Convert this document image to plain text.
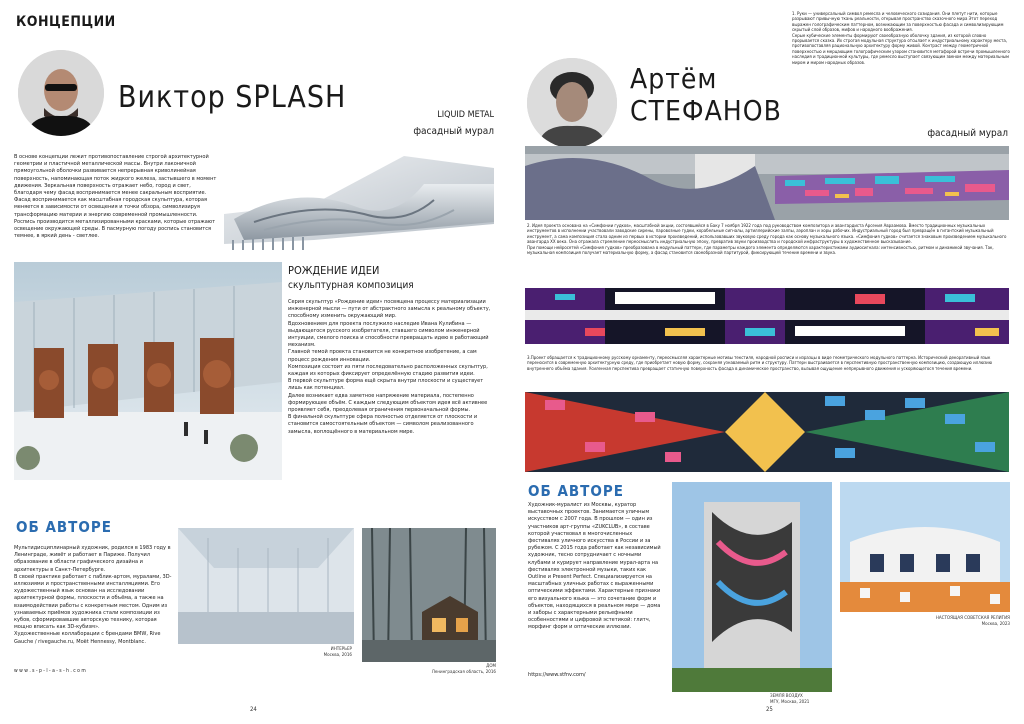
КОНЦЕПЦИИ
Виктор SPLASH	LIQUID METAL
фасадный мурал
В основе концепции лежит противопоставление строгой архитектурной геометрии и пластичной металлической массы. Внутри лаконичной прямоугольной оболочки развивается непрерывная криволинейная поверхность, напоминающая поток жидкого железа, застывшего в момент движения. Зеркальная поверхность отражает небо, город и свет, благодаря чему фасад воспринимается менее сакральным восприятие.
Фасад воспринимается как масштабная городская скульптура, которая меняется в зависимости от освещения и точки обзора, символизируя трансформацию материи и энергию современной промышленности.
Роспись производится металлизированными красками, которые отражают освещение окружающей среды. В пасмурную погоду роспись становится темнее, в яркий день - светлее.
РОЖДЕНИЕ ИДЕИ
скульптурная композиция
Серия скульптур «Рождение идеи» посвящена процессу материализации инженерной мысли — пути от абстрактного замысла к реальному объекту, способному изменить окружающий мир.
Вдохновением для проекта послужило наследие Ивана Кулибина — выдающегося русского изобретателя, ставшего символом инженерной интуиции, смелого поиска и способности превращать идею в работающий механизм.
Главной темой проекта становится не конкретное изобретение, а сам процесс рождения инновации.
Композиция состоит из пяти последовательно расположенных скульптур, каждая из которых фиксирует определённую стадию развития идеи.
В первой скульптуре форма ещё скрыта внутри плоскости и существует лишь как потенциал.
Далее возникает едва заметное напряжение материала, постепенно формирующее объём. С каждым следующим объектом идея всё активнее проявляет себя, преодолевая ограничения первоначальной формы.
В финальной скульптуре сфера полностью отделяется от плоскости и становится самостоятельным объектом — символом реализованного замысла, воплощённого в материальном мире.
ОБ АВТОРЕ
Мультидисциплинарный художник, родился в 1983 году в Ленинграде, живёт и работает в Париже. Получил образование в области графического дизайна и архитектуры в Санкт-Петербурге.
В своей практике работает с паблик-артом, муралами, 3D-иллюзиями и пространственными инсталляциями. Его художественный язык основан на исследовании архитектурной формы, плоскости и объёма, а также на взаимодействии работы с конкретным местом. Одним из узнаваемых приёмов художника стали композиции из кубов, сформировавшие авторскую технику, которая мощно вписать как 3D-кубизм».
Художественные коллаборации с брендами BMW, Rive Gauche / rivegauche.ru, Moët Hennessy, Montblanc.
w w w . s - p - l - a - s - h . c o m
ИНТЕРЬЕР
Москва, 2016
ДОМ
Ленинградская область, 2016
24
Артём
СТЕФАНОВ
1. Руки — универсальный символ ремесла и человеческого созидания. Они плетут нити, которые разрывают привычную ткань реальности, открывая пространство сказочного мира Этот переход выражен голографическим паттерном, возникающим за поверхностью фасада и символизирующим скрытый слой образов, мифов и народного воображения.
Серые кубические элементы формируют своеобразную оболочку здания, из которой словно прорывается сказка. Их строгая модульная структура отсылает к индустриальному характеру места, противопоставляя рациональную архитектуру форму живой. Контраст между геометричной поверхностью и мерцающим голографическим узором становится метафорой встречи промышленного наследия и традиционной культуры, где ремесло выступает связующим звеном между материальным миром и миром народных образов.
фасадный мурал
2. Идея проекта основана на «Симфонии гудков», масштабной акции, состоявшейся в Баку 7 ноября 1922 года под руководством композитора и авангардиста Арсения Авраамова. Вместо традиционных музыкальных инструментов в исполнении участвовали заводские сирены, паровозные гудки, корабельные сигналы, артиллерийские залпы, аэроплан и хоры рабочих. Индустриальный город был превращён в гигантский музыкальный инструмент, а сама композиция стала одним из первых в истории произведений, использовавших звуковую среду города как основу музыкального языка. «Симфония гудков» считается знаковым произведением музыкального авангарда XX века. Она отражала стремление переосмыслить индустриальную эпоху, превратив звуки производства и городской инфраструктуры в художественное высказывание.
При помощи нейросетей «Симфония гудков» преобразована в модульный паттерн, где параметры каждого элемента определяются характеристиками аудиосигнала: интенсивностью, ритмом и динамикой звучания. Так, музыкальная композиция получает материальную форму, а фасад становится своеобразной партитурой, фиксирующей течение времени и звука.
3.Проект обращается к традиционному русскому орнаменту, переосмысляя характерные мотивы текстиля, народной росписи и изразцы в виде геометрического модульного паттерна. Исторический декоративный язык переносится в современную архитектурную среду, где приобретает новую форму, сохраняя узнаваемый ритм и структуру. Паттерн выстраивается в перспективную пространственную композицию, создающую иллюзию внутреннего объёма здания. Усиленная перспектива превращает статичную поверхность фасада в динамическое пространство, вызывая ощущение непрерывного движения и ускоряющегося течения времени.
ОБ АВТОРЕ
Художник-муралист из Москвы, куратор выставочных проектов. Занимается уличным искусством с 2007 года. В прошлом — один из участников арт-группы «ZUKCLUB», в составе которой участвовал в многочисленных фестивалях уличного искусства в России и за рубежом. С 2015 года работает как независимый художник, тесно сотрудничает с ночными клубами и курирует направление мурал-арта на фестивалях электронной музыки, таких как Outline и Present Perfect. Специализируется на масштабных уличных работах с выраженными оптическими эффектами. Характерные признаки его визуального языка — это сочетание форм и объектов, находящихся в реальном мире — дома и заборы с характерными рельефными особенностями и цифровой эстетикой: глитч, морфинг форм и оптические иллюзии.
https://www.stfnv.com/
ЗЕМЛЯ ВОЗДУХ
МГУ, Москва, 2021
НАСТОЯЩАЯ СОВЕТСКАЯ РЕЛИГИЯ
Москва, 2023
25
